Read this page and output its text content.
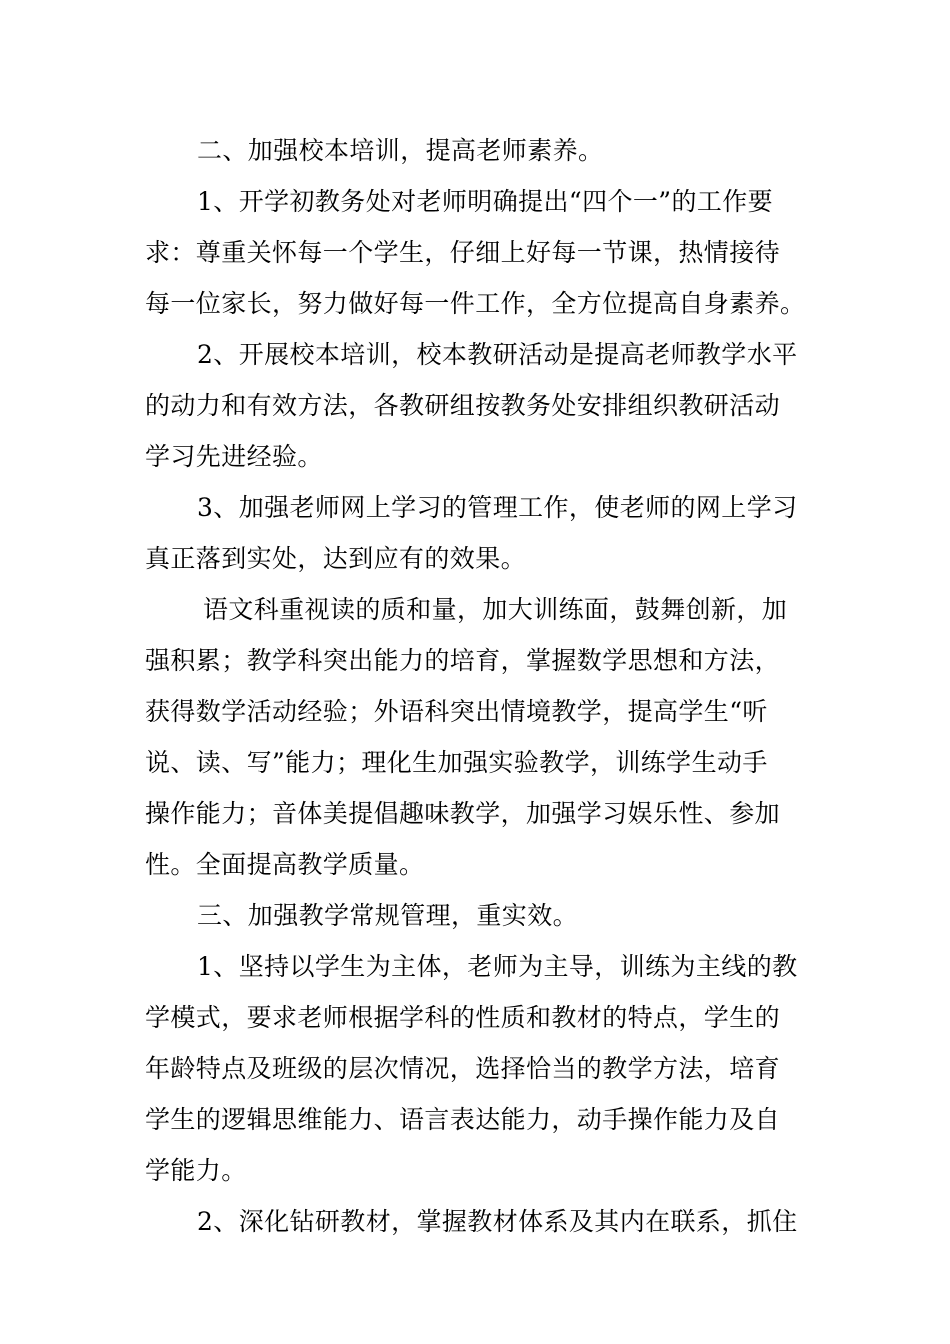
二、加强校本培训，提高老师素养。
1、开学初教务处对老师明确提出“四个一”的工作要
求：尊重关怀每一个学生，仔细上好每一节课，热情接待
每一位家长，努力做好每一件工作，全方位提高自身素养。
2、开展校本培训，校本教研活动是提高老师教学水平
的动力和有效方法，各教研组按教务处安排组织教研活动
学习先进经验。
3、加强老师网上学习的管理工作，使老师的网上学习
真正落到实处，达到应有的效果。
语文科重视读的质和量，加大训练面，鼓舞创新，加
强积累；教学科突出能力的培育，掌握数学思想和方法，
获得数学活动经验；外语科突出情境教学，提高学生“听
说、读、写”能力；理化生加强实验教学，训练学生动手
操作能力；音体美提倡趣味教学，加强学习娱乐性、参加
性。全面提高教学质量。
三、加强教学常规管理，重实效。
1、坚持以学生为主体，老师为主导，训练为主线的教
学模式，要求老师根据学科的性质和教材的特点，学生的
年龄特点及班级的层次情况，选择恰当的教学方法，培育
学生的逻辑思维能力、语言表达能力，动手操作能力及自
学能力。
2、深化钻研教材，掌握教材体系及其内在联系，抓住
